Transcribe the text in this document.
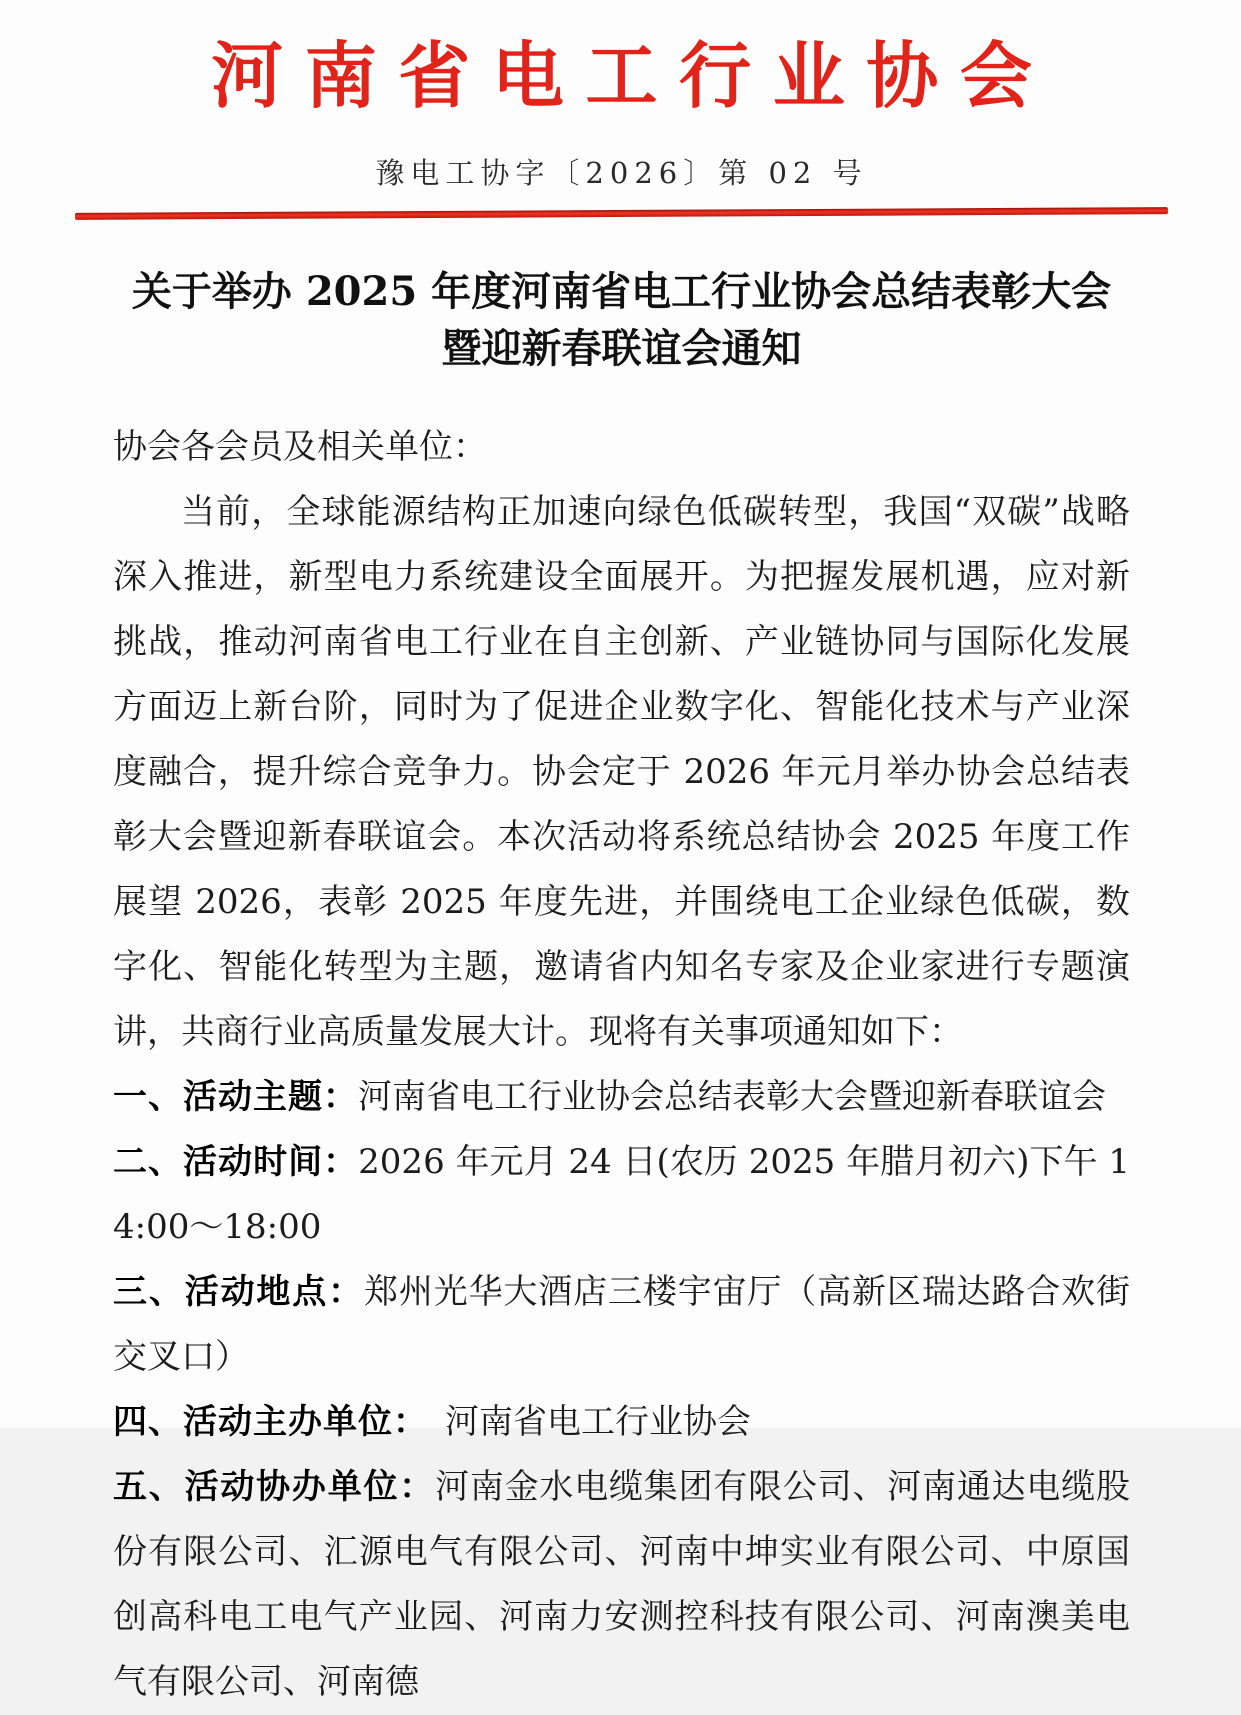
河南省电工行业协会
豫电工协字〔2026〕第 02 号
关于举办 2025 年度河南省电工行业协会总结表彰大会暨迎新春联谊会通知
协会各会员及相关单位：

当前，全球能源结构正加速向绿色低碳转型，我国“双碳”战略深入推进，新型电力系统建设全面展开。为把握发展机遇，应对新挑战，推动河南省电工行业在自主创新、产业链协同与国际化发展方面迈上新台阶，同时为了促进企业数字化、智能化技术与产业深度融合，提升综合竞争力。协会定于 2026 年元月举办协会总结表彰大会暨迎新春联谊会。本次活动将系统总结协会 2025 年度工作展望 2026，表彰 2025 年度先进，并围绕电工企业绿色低碳，数字化、智能化转型为主题，邀请省内知名专家及企业家进行专题演讲，共商行业高质量发展大计。现将有关事项通知如下：

一、活动主题：河南省电工行业协会总结表彰大会暨迎新春联谊会

二、活动时间：2026 年元月 24 日(农历 2025 年腊月初六)下午 14:00～18:00

三、活动地点：郑州光华大酒店三楼宇宙厅（高新区瑞达路合欢街交叉口）

四、活动主办单位：　河南省电工行业协会

五、活动协办单位：河南金水电缆集团有限公司、河南通达电缆股份有限公司、汇源电气有限公司、河南中坤实业有限公司、中原国创高科电工电气产业园、河南力安测控科技有限公司、河南澳美电气有限公司、河南德
